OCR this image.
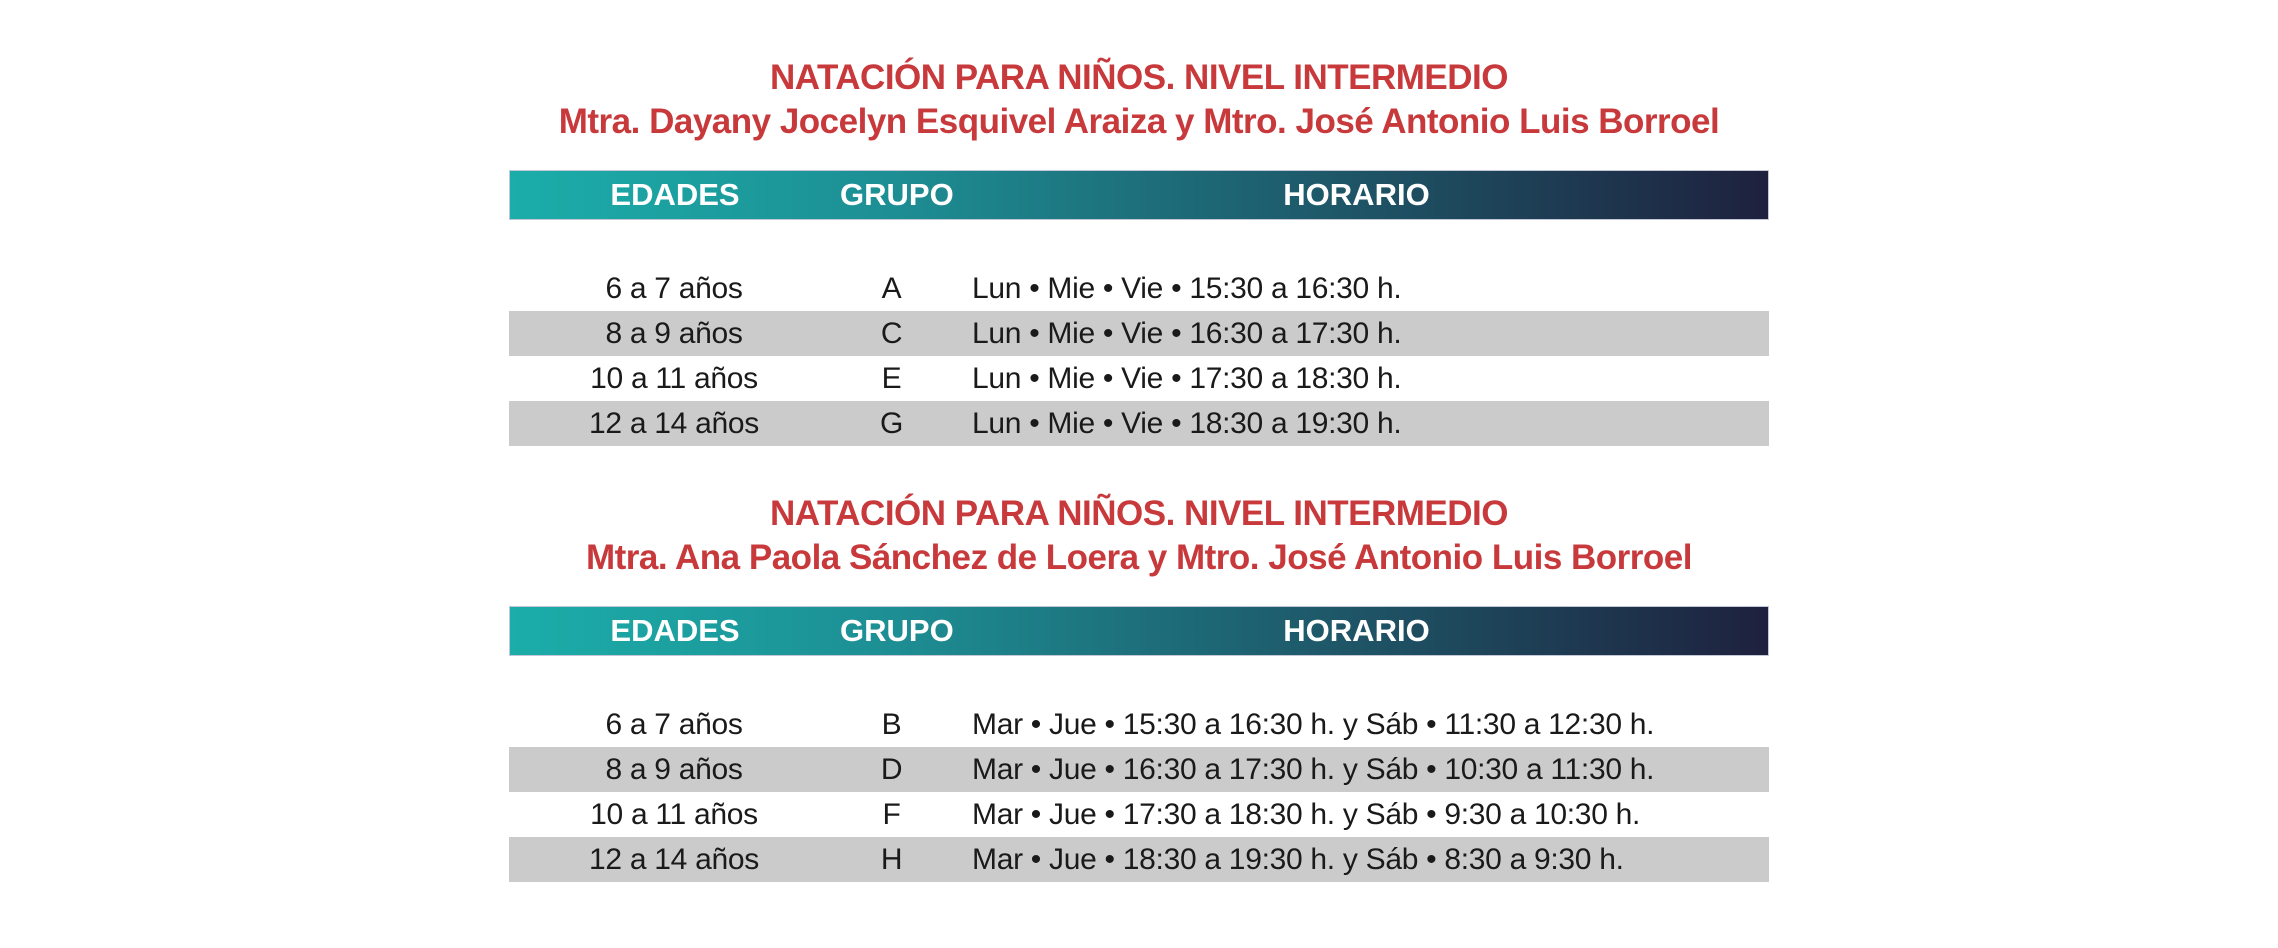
NATACIÓN PARA NIÑOS. NIVEL INTERMEDIO
Mtra. Dayany Jocelyn Esquivel Araiza y Mtro. José Antonio Luis Borroel
EDADES	GRUPO	HORARIO
6 a 7 años	A	Lun • Mie • Vie • 15:30 a 16:30 h.
8 a 9 años	C	Lun • Mie • Vie • 16:30 a 17:30 h.
10 a 11 años	E	Lun • Mie • Vie • 17:30 a 18:30 h.
12 a 14 años	G	Lun • Mie • Vie • 18:30 a 19:30 h.
NATACIÓN PARA NIÑOS. NIVEL INTERMEDIO
Mtra. Ana Paola Sánchez de Loera y Mtro. José Antonio Luis Borroel
EDADES	GRUPO	HORARIO
6 a 7 años	B	Mar • Jue • 15:30 a 16:30 h. y Sáb • 11:30 a 12:30 h.
8 a 9 años	D	Mar • Jue • 16:30 a 17:30 h. y Sáb • 10:30 a 11:30 h.
10 a 11 años	F	Mar • Jue • 17:30 a 18:30 h. y Sáb • 9:30 a 10:30 h.
12 a 14 años	H	Mar • Jue • 18:30 a 19:30 h. y Sáb • 8:30 a 9:30 h.
